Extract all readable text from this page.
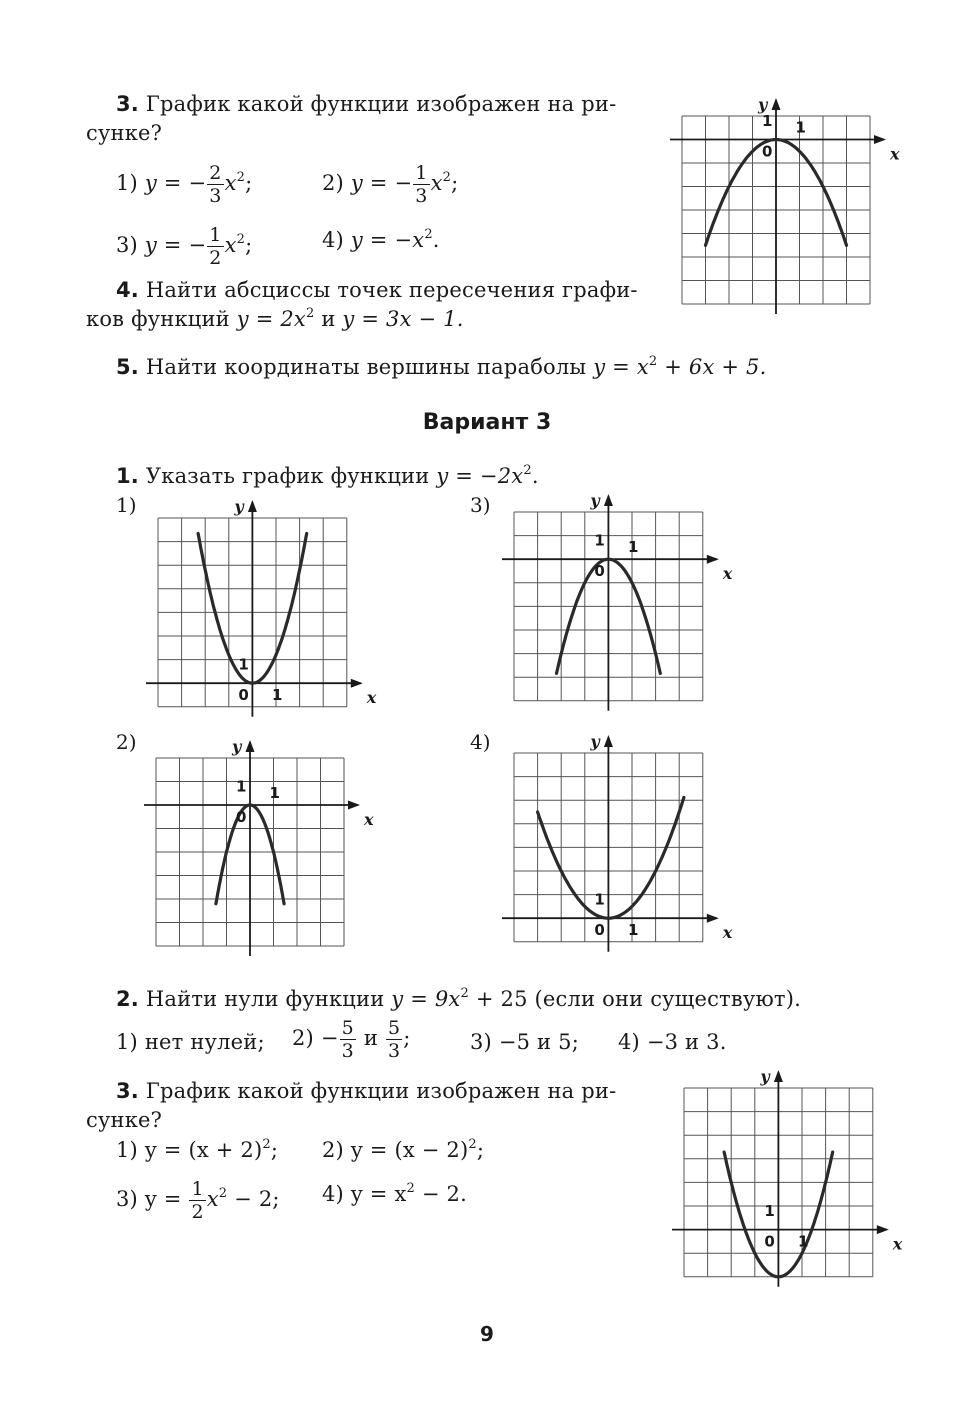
3. График какой функции изображен на ри-
сунке?
1) y = − $\frac{2}{3} x^2$;	2) y = − $\frac{1}{3} x^2$;
3) y = − $\frac{1}{2} x^2$;	4) $y = -x^2$.
4. Найти абсциссы точек пересечения графи-
ков функций $y = 2x^2$ и y = 3x − 1.
5. Найти координаты вершины параболы $y = x^2 + 6x + 5$.
Вариант 3
1. Указать график функции $y = -2x^2$.
1)
2)
3)
4)
2. Найти нули функции $y = 9x^2 + 25$ (если они существуют).
1) нет нулей; $2) - \frac{5}{3}$ и $\frac{5}{3}$ ;	3) −5 и 5; 4) −3 и 3.
3. График какой функции изображен на ри-
сунке?
1) $y = (x + 2)^2$; 2) $y = (x - 2)^2$;
3) $y = \frac{1}{2} x^2 - 2$; 4) $y = x^2 - 2$.
x
y
0
1
1
x
y
0 1
1
x
y
0
1
1
x
y
0
1
1
x
y
0 1
1
x
y
0 1
1
9
